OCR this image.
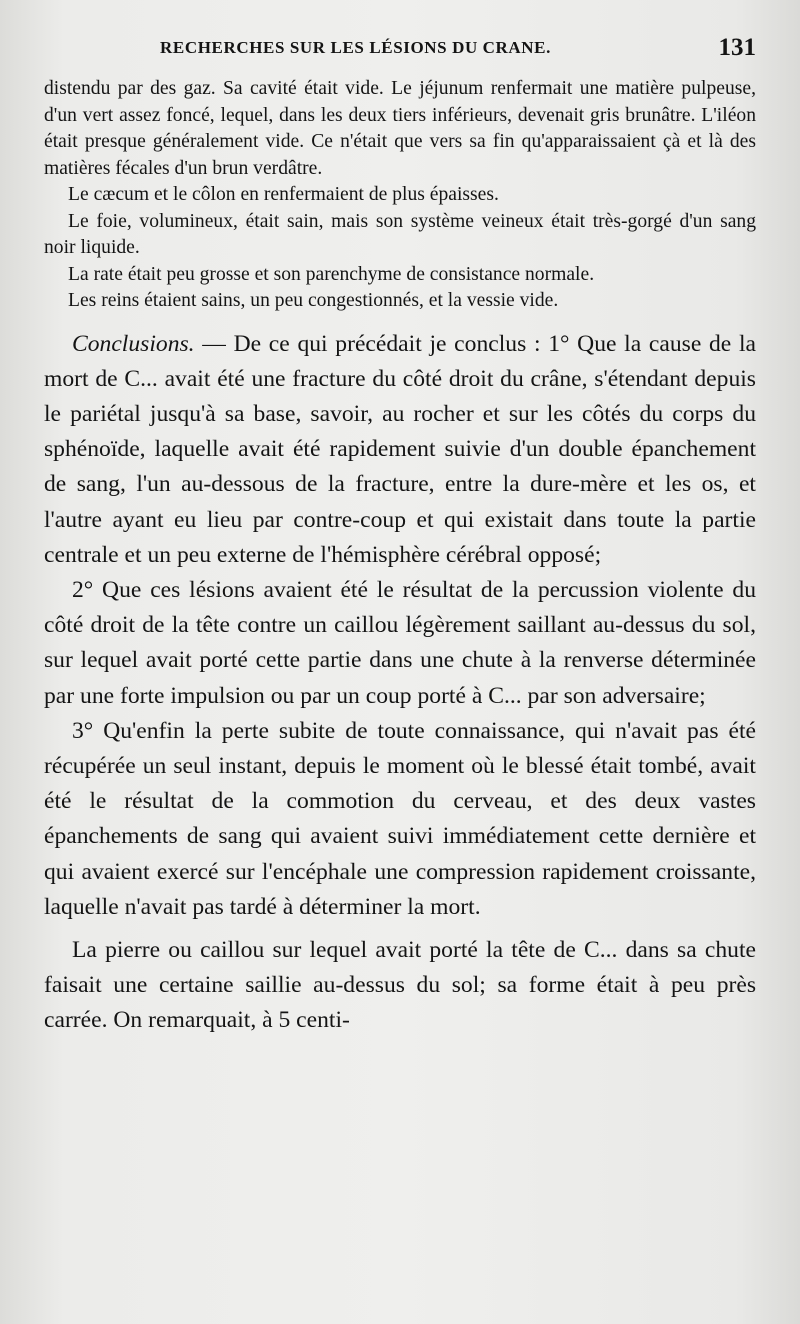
RECHERCHES SUR LES LÉSIONS DU CRANE.	131

distendu par des gaz. Sa cavité était vide. Le jéjunum renfermait une matière pulpeuse, d'un vert assez foncé, lequel, dans les deux tiers inférieurs, devenait gris brunâtre. L'iléon était presque généralement vide. Ce n'était que vers sa fin qu'apparaissaient çà et là des matières fécales d'un brun verdâtre.

Le cæcum et le côlon en renfermaient de plus épaisses.

Le foie, volumineux, était sain, mais son système veineux était très-gorgé d'un sang noir liquide.

La rate était peu grosse et son parenchyme de consistance normale.

Les reins étaient sains, un peu congestionnés, et la vessie vide.

Conclusions. — De ce qui précédait je conclus : 1° Que la cause de la mort de C... avait été une fracture du côté droit du crâne, s'étendant depuis le pariétal jusqu'à sa base, savoir, au rocher et sur les côtés du corps du sphénoïde, laquelle avait été rapidement suivie d'un double épanchement de sang, l'un au-dessous de la fracture, entre la dure-mère et les os, et l'autre ayant eu lieu par contre-coup et qui existait dans toute la partie centrale et un peu externe de l'hémisphère cérébral opposé;

2° Que ces lésions avaient été le résultat de la percussion violente du côté droit de la tête contre un caillou légèrement saillant au-dessus du sol, sur lequel avait porté cette partie dans une chute à la renverse déterminée par une forte impulsion ou par un coup porté à C... par son adversaire;

3° Qu'enfin la perte subite de toute connaissance, qui n'avait pas été récupérée un seul instant, depuis le moment où le blessé était tombé, avait été le résultat de la commotion du cerveau, et des deux vastes épanchements de sang qui avaient suivi immédiatement cette dernière et qui avaient exercé sur l'encéphale une compression rapidement croissante, laquelle n'avait pas tardé à déterminer la mort.

La pierre ou caillou sur lequel avait porté la tête de C... dans sa chute faisait une certaine saillie au-dessus du sol; sa forme était à peu près carrée. On remarquait, à 5 centi-
